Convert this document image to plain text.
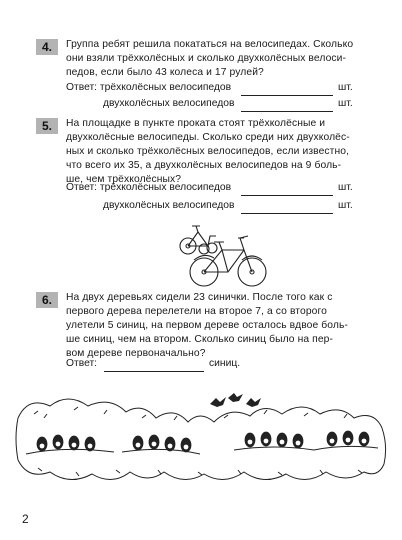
4.	Группа ребят решила покататься на велосипедах. Сколько
они взяли трёхколёсных и сколько двухколёсных велоси-
педов, если было 43 колеса и 17 рулей?
Ответ: трёхколёсных велосипедов	шт.
двухколёсных велосипедов	шт.
5.	На площадке в пункте проката стоят трёхколёсные и
двухколёсные велосипеды. Сколько среди них двухколёс-
ных и сколько трёхколёсных велосипедов, если известно,
что всего их 35, а двухколёсных велосипедов на 9 боль-
ше, чем трёхколёсных?
Ответ: трёхколёсных велосипедов	шт.
двухколёсных велосипедов	шт.
6.	На двух деревьях сидели 23 синички. После того как с
первого дерева перелетели на второе 7, а со второго
улетели 5 синиц, на первом дереве осталось вдвое боль-
ше синиц, чем на втором. Сколько синиц было на пер-
вом дереве первоначально?
Ответ:	синиц.
2
